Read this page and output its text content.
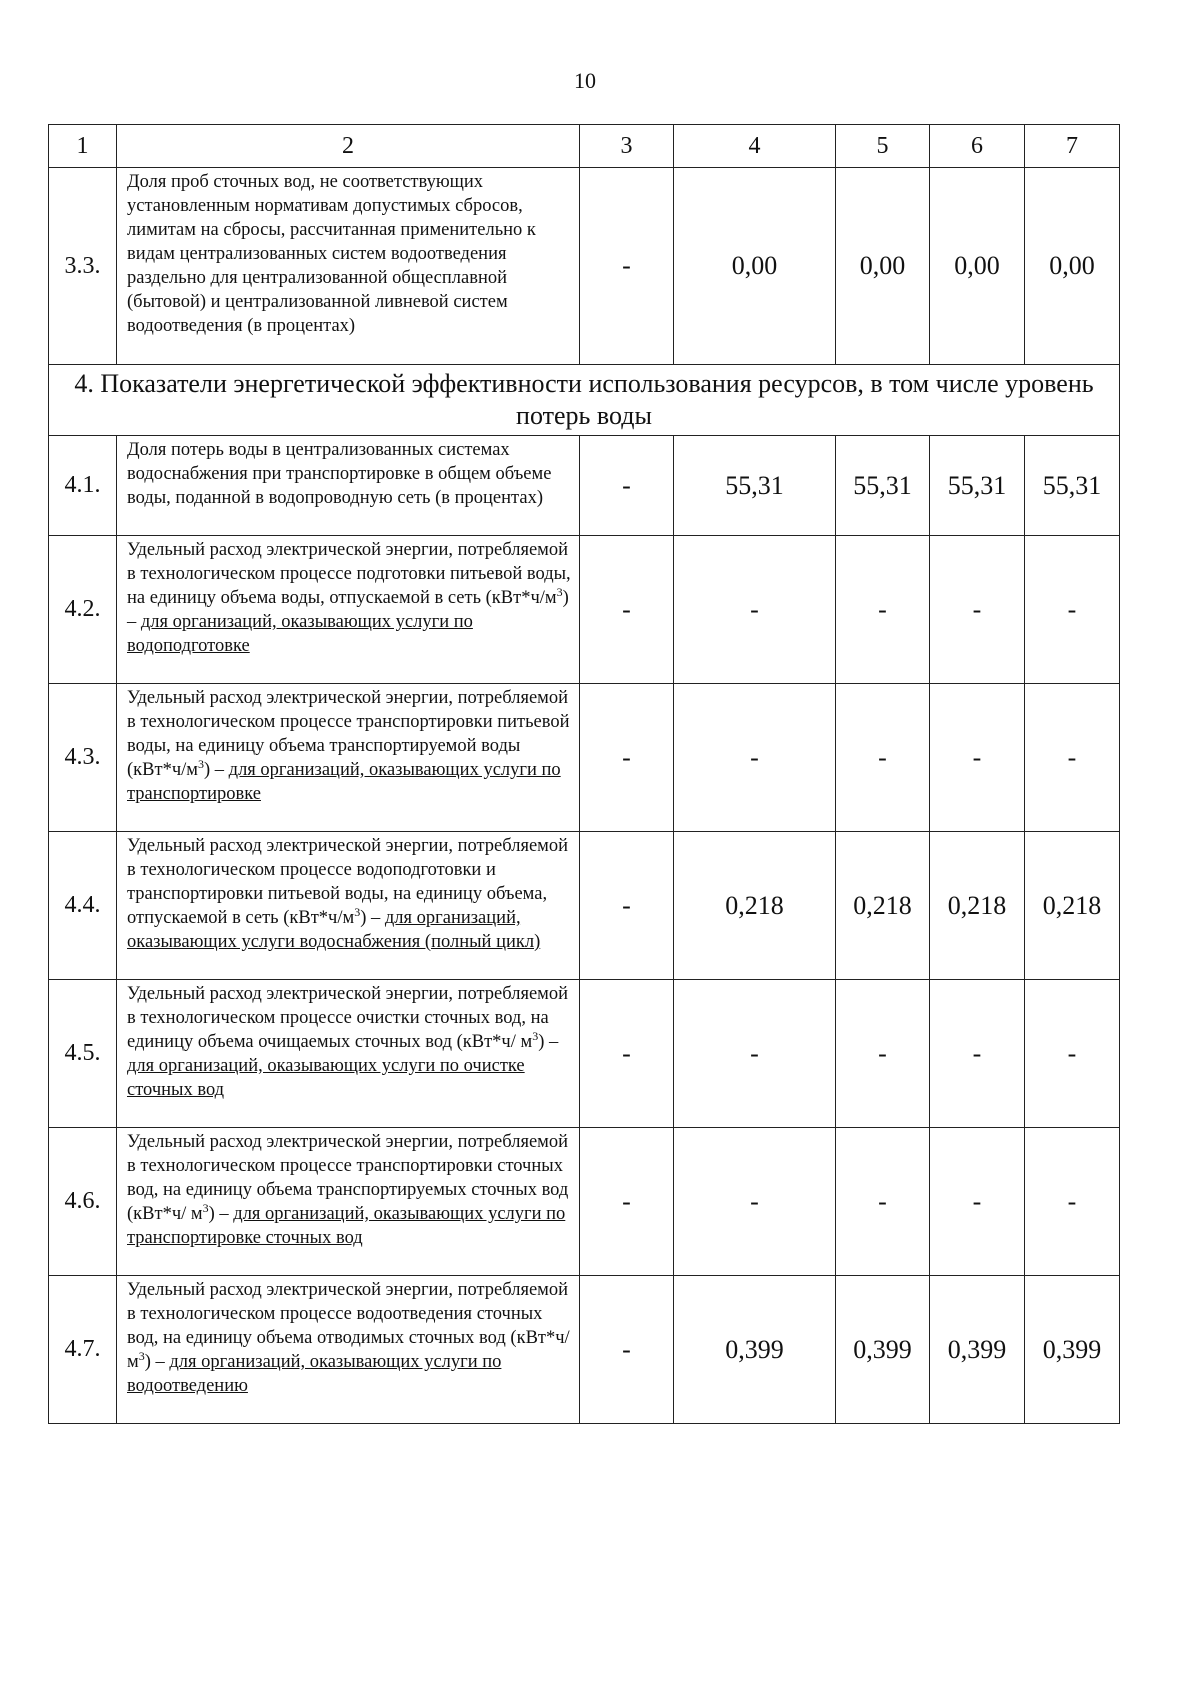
10
1	2	3	4	5	6	7
3.3.	Доля проб сточных вод, не соответствующих установленным нормативам допустимых сбросов, лимитам на сбросы, рассчитанная применительно к видам централизованных систем водоотведения раздельно для централизованной общесплавной (бытовой) и централизованной ливневой систем водоотведения (в процентах)	-	0,00	0,00	0,00	0,00
4. Показатели энергетической эффективности использования ресурсов, в том числе уровень потерь воды						
4.1.	Доля потерь воды в централизованных системах водоснабжения при транспортировке в общем объеме воды, поданной в водопроводную сеть (в процентах)	-	55,31	55,31	55,31	55,31
4.2.	Удельный расход электрической энергии, потребляемой в технологическом процессе подготовки питьевой воды, на единицу объема воды, отпускаемой в сеть $(кВт*ч/м^3)$ – для организаций, оказывающих услуги по водоподготовке	-	-	-	-	-
4.3.	Удельный расход электрической энергии, потребляемой в технологическом процессе транспортировки питьевой воды, на единицу объема транспортируемой воды $(кВт*ч/м^3)$ – для организаций, оказывающих услуги по транспортировке	-	-	-	-	-
4.4.	Удельный расход электрической энергии, потребляемой в технологическом процессе водоподготовки и транспортировки питьевой воды, на единицу объема, отпускаемой в сеть $(кВт*ч/м^3)$ – для организаций, оказывающих услуги водоснабжения (полный цикл)	-	0,218	0,218	0,218	0,218
4.5.	Удельный расход электрической энергии, потребляемой в технологическом процессе очистки сточных вод, на единицу объема очищаемых сточных вод (кВт*ч/ $м^3$) – для организаций, оказывающих услуги по очистке сточных вод	-	-	-	-	-
4.6.	Удельный расход электрической энергии, потребляемой в технологическом процессе транспортировки сточных вод, на единицу объема транспортируемых сточных вод (кВт*ч/ $м^3$) – для организаций, оказывающих услуги по транспортировке сточных вод	-	-	-	-	-
4.7.	Удельный расход электрической энергии, потребляемой в технологическом процессе водоотведения сточных вод, на единицу объема отводимых сточных вод (кВт*ч/ $м^3$) – для организаций, оказывающих услуги по водоотведению	-	0,399	0,399	0,399	0,399
